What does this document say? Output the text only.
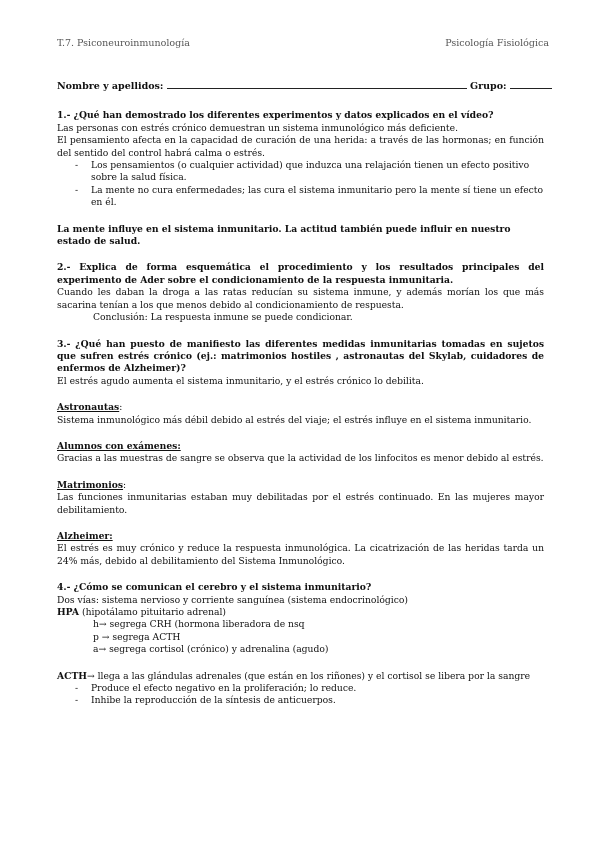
T.7. Psiconeuroinmunología	Psicología Fisiológica

Nombre y apellidos:	Grupo:

1.- ¿Qué han demostrado los diferentes experimentos y datos explicados en el vídeo?

Las personas con estrés crónico demuestran un sistema inmunológico más deficiente.

El pensamiento afecta en la capacidad de curación de una herida: a través de las hormonas; en función del sentido del control habrá calma o estrés.

- Los pensamientos (o cualquier actividad) que induzca una relajación tienen un efecto positivo sobre la salud física.
- La mente no cura enfermedades; las cura el sistema inmunitario pero la mente sí tiene un efecto en él.

La mente influye en el sistema inmunitario. La actitud también puede influir en nuestro estado de salud.

2.- Explica de forma esquemática el procedimiento y los resultados principales del experimento de Ader sobre el condicionamiento de la respuesta inmunitaria.

Cuando les daban la droga a las ratas reducían su sistema inmune, y además morían los que más sacarina tenían a los que menos debido al condicionamiento de respuesta.

Conclusión: La respuesta inmune se puede condicionar.

3.- ¿Qué han puesto de manifiesto las diferentes medidas inmunitarias tomadas en sujetos que sufren estrés crónico (ej.: matrimonios hostiles , astronautas del Skylab, cuidadores de enfermos de Alzheimer)?

El estrés agudo aumenta el sistema inmunitario, y el estrés crónico lo debilita.

Astronautas:

Sistema inmunológico más débil debido al estrés del viaje; el estrés influye en el sistema inmunitario.

Alumnos con exámenes:

Gracias a las muestras de sangre se observa que la actividad de los linfocitos es menor debido al estrés.

Matrimonios:

Las funciones inmunitarias estaban muy debilitadas por el estrés continuado. En las mujeres mayor debilitamiento.

Alzheimer:

El estrés es muy crónico y reduce la respuesta inmunológica. La cicatrización de las heridas tarda un 24% más, debido al debilitamiento del Sistema Inmunológico.

4.- ¿Cómo se comunican el cerebro y el sistema inmunitario?

Dos vías: sistema nervioso y corriente sanguínea (sistema endocrinológico)

HPA (hipotálamo pituitario adrenal)

h→ segrega CRH (hormona liberadora de nsq

p → segrega ACTH

a→ segrega cortisol (crónico) y adrenalina (agudo)

ACTH→ llega a las glándulas adrenales (que están en los riñones) y el cortisol se libera por la sangre

- Produce el efecto negativo en la proliferación; lo reduce.
- Inhibe la reproducción de la síntesis de anticuerpos.
